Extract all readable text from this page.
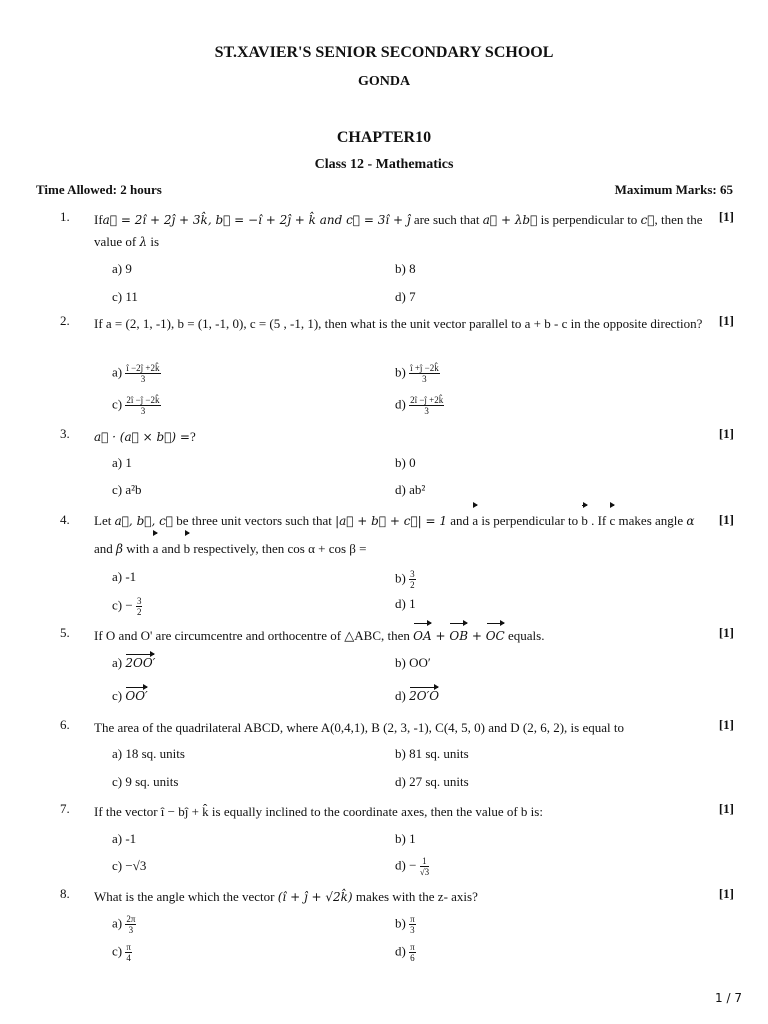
ST.XAVIER'S SENIOR SECONDARY SCHOOL
GONDA
CHAPTER10
Class 12 - Mathematics
Time Allowed: 2 hours	Maximum Marks: 65
1. Ifa⃗ = 2î + 2ĵ + 3k̂, b⃗ = −î + 2ĵ + k̂ and c⃗ = 3î + ĵ are such that a⃗ + λb⃗ is perpendicular to c⃗, then the value of λ is
[1]
a) 9	b) 8
c) 11	d) 7
2. If a = (2, 1, -1), b = (1, -1, 0), c = (5 , -1, 1), then what is the unit vector parallel to a + b - c in the opposite direction? [1]
$a) \frac{î -2ĵ +2k̂}{3}$	$b) \frac{î +ĵ -2k̂}{3}$
$c) \frac{2î -ĵ -2k̂}{3}$	$d) \frac{2î -ĵ +2k̂}{3}$
3. a⃗ · (a⃗ × b⃗) =?	[1]
a) 1	b) 0
c) a²b	d) ab²
4. Let a⃗, b⃗, c⃗ be three unit vectors such that |a⃗ + b⃗ + c⃗| = 1 and a is perpendicular to b . If c makes angle α and β with a and b respectively, then cos α + cos β =
[1]
a) -1	$b) \frac{3}{2}$
$c) - \frac{3}{2}$	d) 1
5. If O and O' are circumcentre and orthocentre of △ABC, then OA + OB + OC equals.	[1]
a) 2OO′	b) OO′
c) OO′	d) 2O′O
6. The area of the quadrilateral ABCD, where A(0,4,1), B (2, 3, -1), C(4, 5, 0) and D (2, 6, 2), is equal to	[1]
a) 18 sq. units	b) 81 sq. units
c) 9 sq. units	d) 27 sq. units
7. If the vector î − bĵ + k̂ is equally inclined to the coordinate axes, then the value of b is:	[1]
a) -1	b) 1
c) −√3	$d) - \frac{1}{√3}$
8. What is the angle which the vector (î + ĵ + √2k̂) makes with the z- axis?	[1]
$a) \frac{2\pi}{3}$	$b) \frac{\pi}{3}$
$c) \frac{\pi}{4}$	$d) \frac{\pi}{6}$
1 / 7
